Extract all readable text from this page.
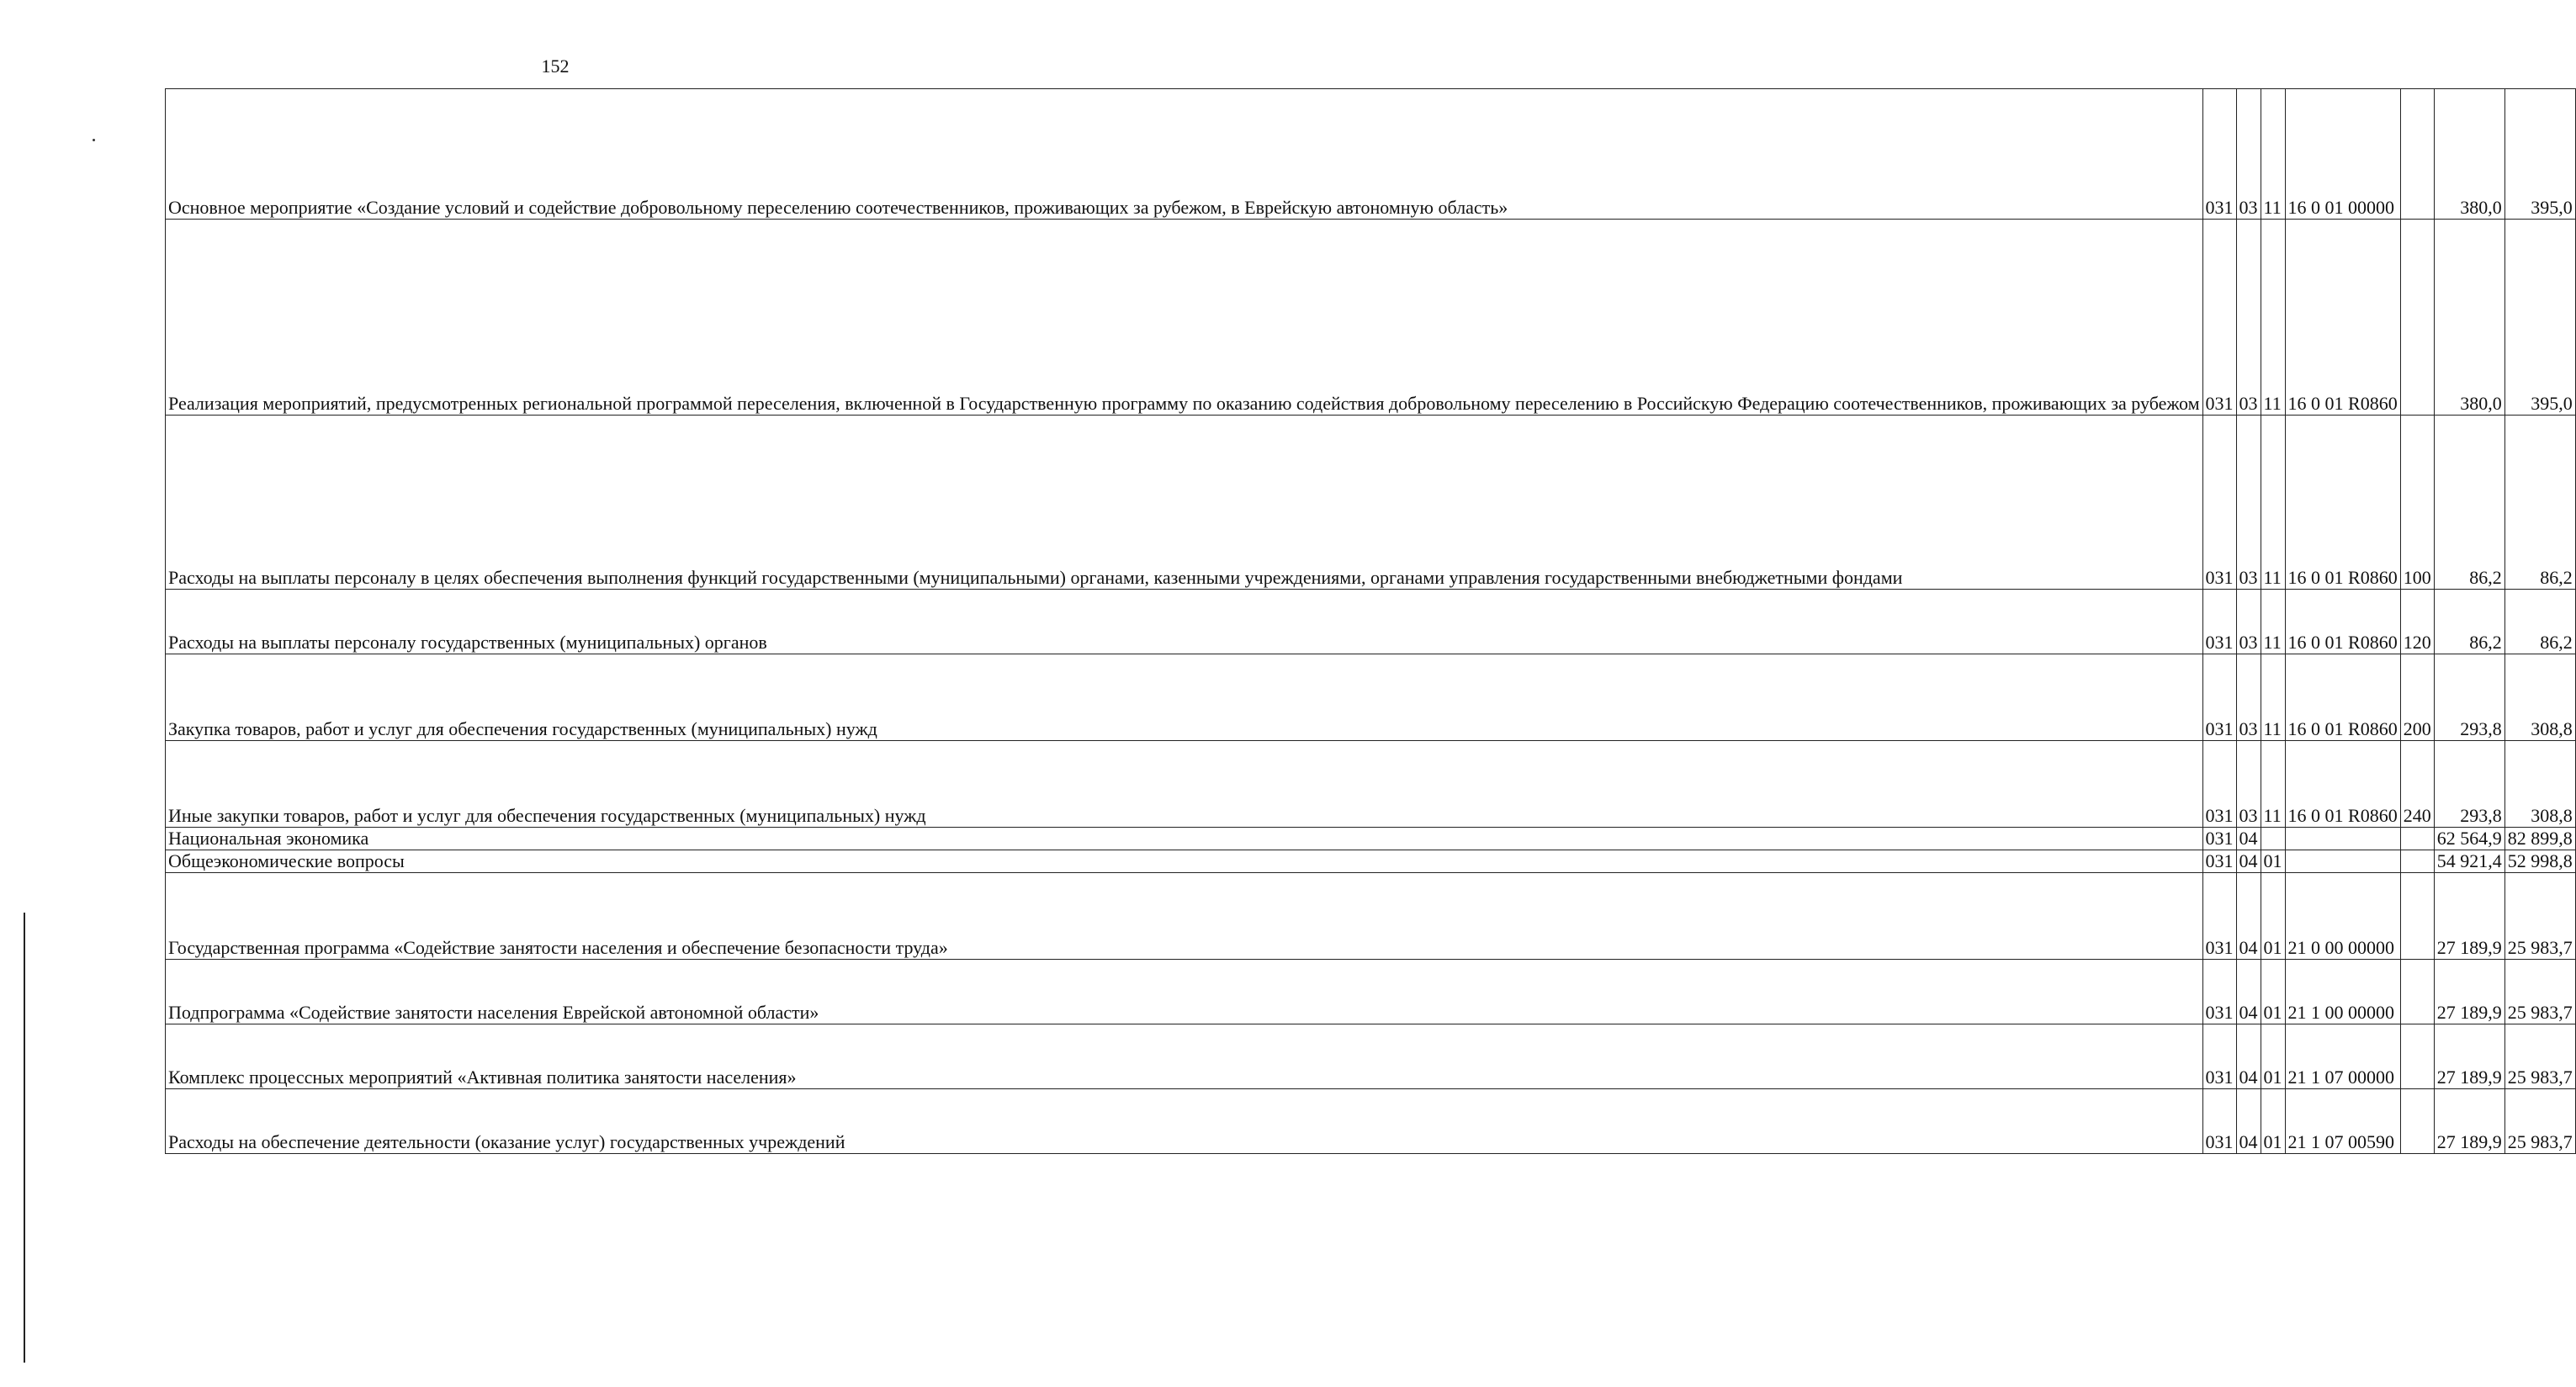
152
Основное мероприятие «Создание условий и содействие добровольному переселению соотечественников, проживающих за рубежом, в Еврейскую автономную область»	031	03	11	16 0 01 00000		380,0	395,0
Реализация мероприятий, предусмотренных региональной программой переселения, включенной в Государственную программу по оказанию содействия добровольному переселению в Российскую Федерацию соотечественников, проживающих за рубежом	031	03	11	16 0 01 R0860		380,0	395,0
Расходы на выплаты персоналу в целях обеспечения выполнения функций государственными (муниципальными) органами, казенными учреждениями, органами управления государственными внебюджетными фондами	031	03	11	16 0 01 R0860	100	86,2	86,2
Расходы на выплаты персоналу государственных (муниципальных) органов	031	03	11	16 0 01 R0860	120	86,2	86,2
Закупка товаров, работ и услуг для обеспечения государственных (муниципальных) нужд	031	03	11	16 0 01 R0860	200	293,8	308,8
Иные закупки товаров, работ и услуг для обеспечения государственных (муниципальных) нужд	031	03	11	16 0 01 R0860	240	293,8	308,8
Национальная экономика	031	04				62 564,9	82 899,8
Общеэкономические вопросы	031	04	01			54 921,4	52 998,8
Государственная программа «Содействие занятости населения и обеспечение безопасности труда»	031	04	01	21 0 00 00000		27 189,9	25 983,7
Подпрограмма «Содействие занятости населения Еврейской автономной области»	031	04	01	21 1 00 00000		27 189,9	25 983,7
Комплекс процессных мероприятий «Активная политика занятости населения»	031	04	01	21 1 07 00000		27 189,9	25 983,7
Расходы на обеспечение деятельности (оказание услуг) государственных учреждений	031	04	01	21 1 07 00590		27 189,9	25 983,7
